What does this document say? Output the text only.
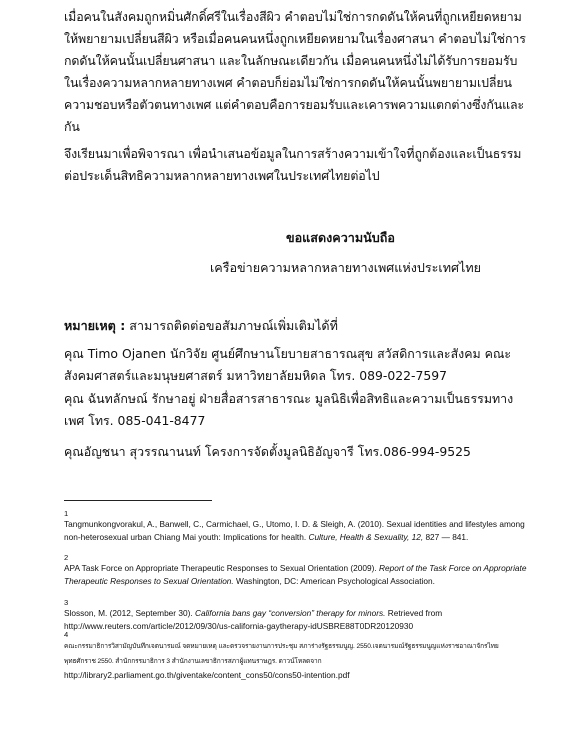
เมื่อคนในสังคมถูกหมิ่นศักดิ์ศรีในเรื่องสีผิว คำตอบไม่ใช่การกดดันให้คนที่ถูกเหยียดหยามให้พยายามเปลี่ยนสีผิว หรือเมื่อคนคนหนึ่งถูกเหยียดหยามในเรื่องศาสนา คำตอบไม่ใช่การกดดันให้คนนั้นเปลี่ยนศาสนา และในลักษณะเดียวกัน เมื่อคนคนหนึ่งไม่ได้รับการยอมรับในเรื่องความหลากหลายทางเพศ คำตอบก็ย่อมไม่ใช่การกดดันให้คนนั้นพยายามเปลี่ยนความชอบหรือตัวตนทางเพศ แต่คำตอบคือการยอมรับและเคารพความแตกต่างซึ่งกันและกัน

จึงเรียนมาเพื่อพิจารณา เพื่อนำเสนอข้อมูลในการสร้างความเข้าใจที่ถูกต้องและเป็นธรรมต่อประเด็นสิทธิความหลากหลายทางเพศในประเทศไทยต่อไป

ขอแสดงความนับถือ

เครือข่ายความหลากหลายทางเพศแห่งประเทศไทย

หมายเหตุ : สามารถติดต่อขอสัมภาษณ์เพิ่มเติมได้ที่

คุณ Timo Ojanen นักวิจัย ศูนย์ศึกษานโยบายสาธารณสุข สวัสดิการและสังคม คณะสังคมศาสตร์และมนุษยศาสตร์ มหาวิทยาลัยมหิดล โทร. 089-022-7597

คุณ ฉันทลักษณ์ รักษาอยู่ ฝ่ายสื่อสารสาธารณะ มูลนิธิเพื่อสิทธิและความเป็นธรรมทางเพศ โทร. 085-041-8477

คุณอัญชนา สุวรรณานนท์ โครงการจัดตั้งมูลนิธิอัญจารี โทร.086-994-9525

1
Tangmunkongvorakul, A., Banwell, C., Carmichael, G., Utomo, I. D. & Sleigh, A. (2010). Sexual identities and lifestyles among non-heterosexual urban Chiang Mai youth: Implications for health. Culture, Health & Sexuality, 12, 827 — 841.

2
APA Task Force on Appropriate Therapeutic Responses to Sexual Orientation (2009). Report of the Task Force on Appropriate Therapeutic Responses to Sexual Orientation. Washington, DC: American Psychological Association.

3
Slosson, M. (2012, September 30). California bans gay “conversion” therapy for minors. Retrieved from http://www.reuters.com/article/2012/09/30/us-california-gaytherapy-idUSBRE88T0DR20120930

4
คณะกรรมาธิการวิสามัญบันทึกเจตนารมณ์ จดหมายเหตุ และตรวจรายงานการประชุม สภาร่างรัฐธรรมนูญ. 2550.เจตนารมณ์รัฐธรรมนูญแห่งราชอาณาจักรไทย พุทธศักราช 2550. สำนักกรรมาธิการ 3 สำนักงานเลขาธิการสภาผู้แทนราษฎร. ดาวน์โหลดจาก
http://library2.parliament.go.th/giventake/content_cons50/cons50-intention.pdf
